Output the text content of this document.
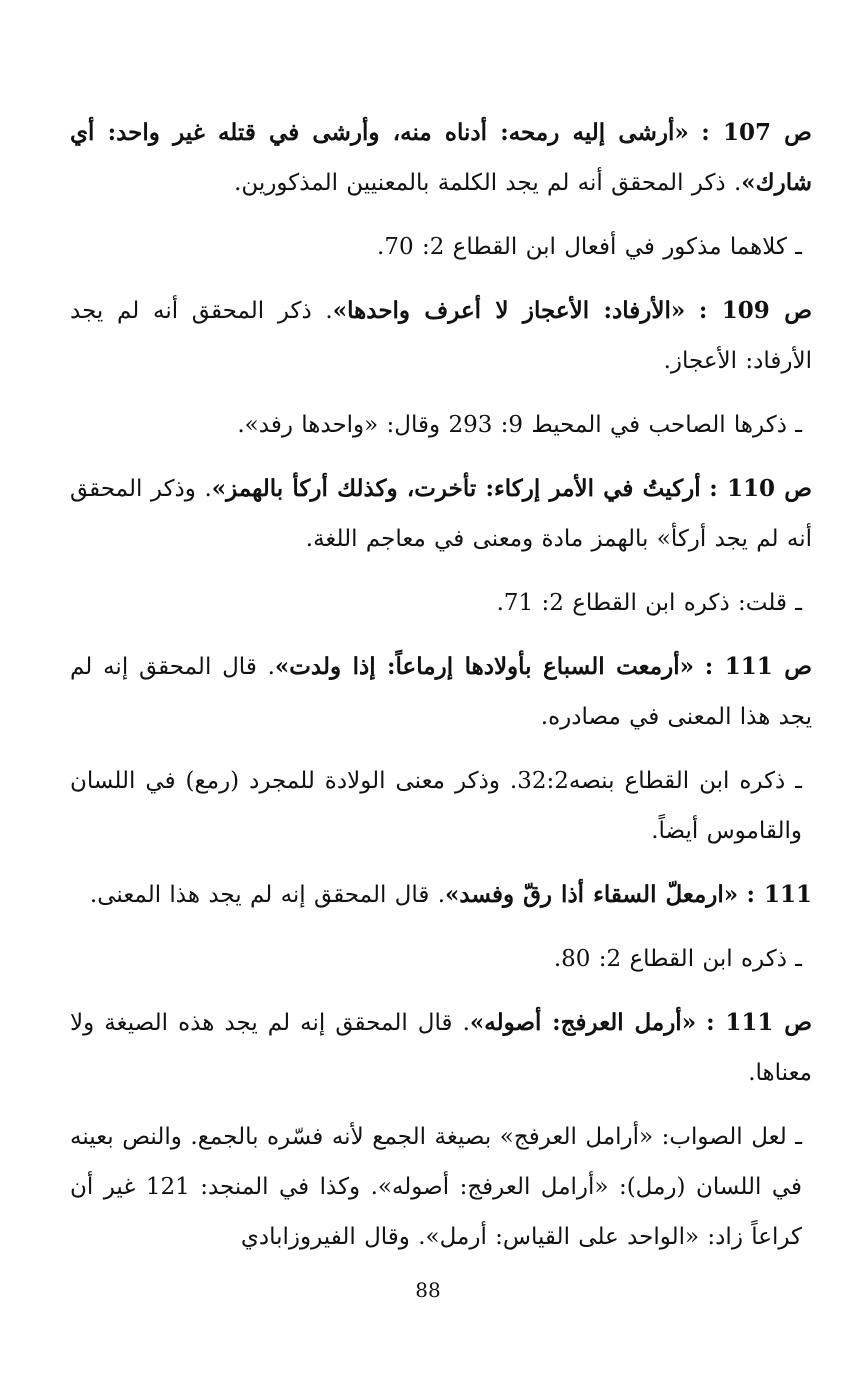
ص 107 : «أرشى إليه رمحه: أدناه منه، وأرشى في قتله غير واحد: أي شارك». ذكر المحقق أنه لم يجد الكلمة بالمعنيين المذكورين.

ـ كلاهما مذكور في أفعال ابن القطاع 2: 70.

ص 109 : «الأرفاد: الأعجاز لا أعرف واحدها». ذكر المحقق أنه لم يجد الأرفاد: الأعجاز.

ـ ذكرها الصاحب في المحيط 9: 293 وقال: «واحدها رفد».

ص 110 : أركيتُ في الأمر إركاء: تأخرت، وكذلك أركأ بالهمز». وذكر المحقق أنه لم يجد أركأ» بالهمز مادة ومعنى في معاجم اللغة.

ـ قلت: ذكره ابن القطاع 2: 71.

ص 111 : «أرمعت السباع بأولادها إرماعاً: إذا ولدت». قال المحقق إنه لم يجد هذا المعنى في مصادره.

ـ ذكره ابن القطاع بنصه32:2. وذكر معنى الولادة للمجرد (رمع) في اللسان والقاموس أيضاً.

111 : «ارمعلّ السقاء أذا رقّ وفسد». قال المحقق إنه لم يجد هذا المعنى.

ـ ذكره ابن القطاع 2: 80.

ص 111 : «أرمل العرفج: أصوله». قال المحقق إنه لم يجد هذه الصيغة ولا معناها.

ـ لعل الصواب: «أرامل العرفج» بصيغة الجمع لأنه فسّره بالجمع. والنص بعينه في اللسان (رمل): «أرامل العرفج: أصوله». وكذا في المنجد: 121 غير أن كراعاً زاد: «الواحد على القياس: أرمل». وقال الفيروزابادي

88
